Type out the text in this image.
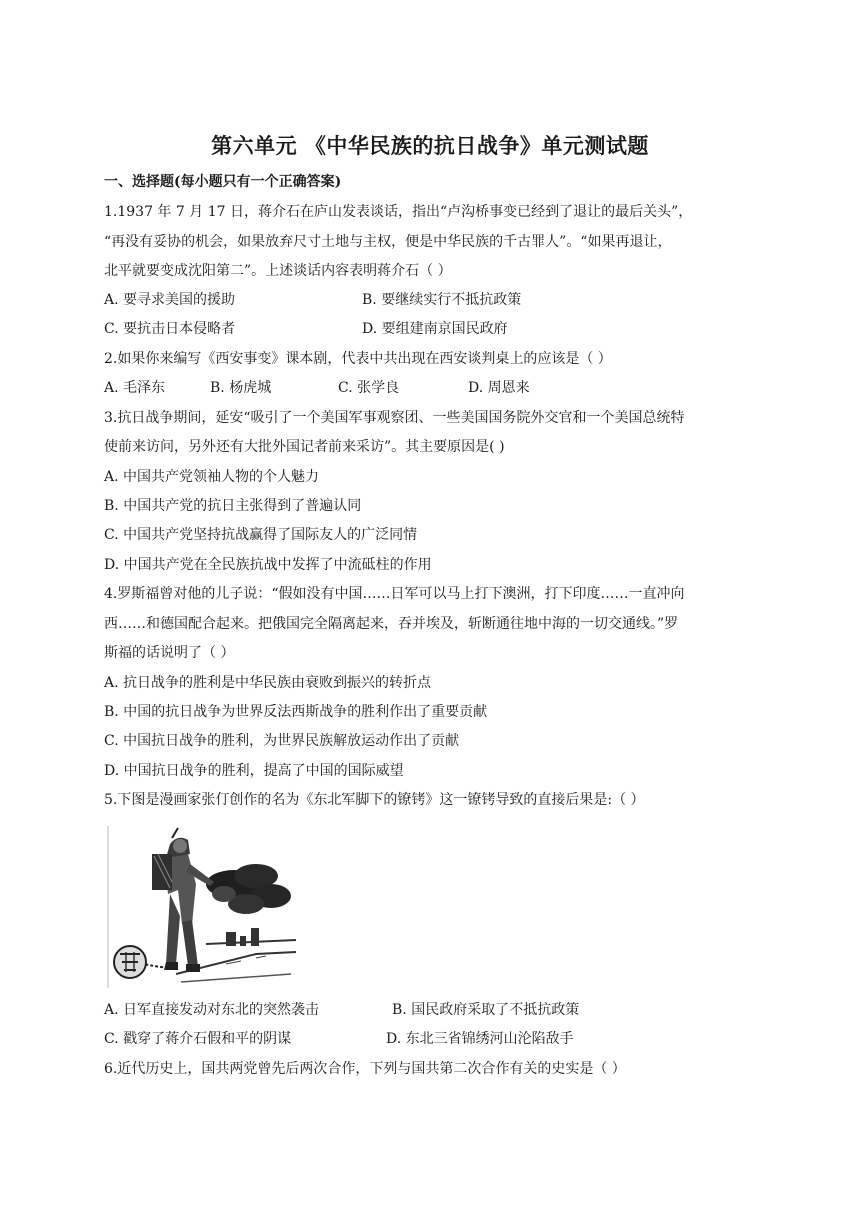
第六单元 《中华民族的抗日战争》单元测试题
一、选择题(每小题只有一个正确答案)
1.1937 年 7 月 17 日，蒋介石在庐山发表谈话，指出“卢沟桥事变已经到了退让的最后关头”，
“再没有妥协的机会，如果放弃尺寸土地与主权，便是中华民族的千古罪人”。“如果再退让，
北平就要变成沈阳第二”。上述谈话内容表明蒋介石（ ）
A. 要寻求美国的援助	B. 要继续实行不抵抗政策
C. 要抗击日本侵略者	D. 要组建南京国民政府
2.如果你来编写《西安事变》课本剧，代表中共出现在西安谈判桌上的应该是（ ）
A. 毛泽东	B. 杨虎城	C. 张学良	D. 周恩来
3.抗日战争期间，延安“吸引了一个美国军事观察团、一些美国国务院外交官和一个美国总统特
使前来访问，另外还有大批外国记者前来采访”。其主要原因是( )
A. 中国共产党领袖人物的个人魅力
B. 中国共产党的抗日主张得到了普遍认同
C. 中国共产党坚持抗战赢得了国际友人的广泛同情
D. 中国共产党在全民族抗战中发挥了中流砥柱的作用
4.罗斯福曾对他的儿子说：“假如没有中国……日军可以马上打下澳洲，打下印度……一直冲向
西……和德国配合起来。把俄国完全隔离起来，吞并埃及，斩断通往地中海的一切交通线。”罗
斯福的话说明了（ ）
A. 抗日战争的胜利是中华民族由衰败到振兴的转折点
B. 中国的抗日战争为世界反法西斯战争的胜利作出了重要贡献
C. 中国抗日战争的胜利，为世界民族解放运动作出了贡献
D. 中国抗日战争的胜利，提高了中国的国际威望
5.下图是漫画家张仃创作的名为《东北军脚下的镣铐》这一镣铐导致的直接后果是:（ ）
A. 日军直接发动对东北的突然袭击	B. 国民政府采取了不抵抗政策
C. 戳穿了蒋介石假和平的阴谋	D. 东北三省锦绣河山沦陷敌手
6.近代历史上，国共两党曾先后两次合作，下列与国共第二次合作有关的史实是（ ）
